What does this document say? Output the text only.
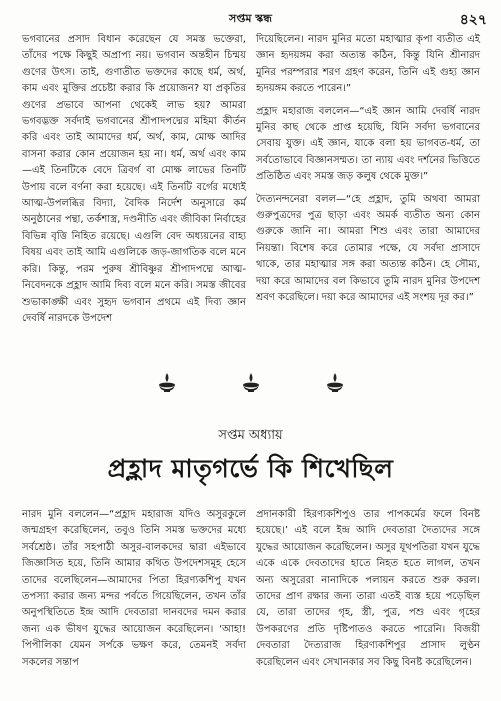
সপ্তম স্কন্ধ	৪২৭

ভগবানের প্রসাদ বিধান করেছেন যে সমস্ত ভক্তেরা, তাঁদের পক্ষে কিছুই অপ্রাপ্য নয়। ভগবান অন্তহীন চিন্ময় গুণের উৎস। তাই, গুণাতীত ভক্তদের কাছে ধর্ম, অর্থ, কাম এবং মুক্তির প্রচেষ্টা করার কি প্রয়োজন? যা প্রকৃতির গুণের প্রভাবে আপনা থেকেই লাভ হয়? আমরা ভগবদ্ভক্ত সর্বদাই ভগবানের শ্রীপাদপদ্মের মহিমা কীর্তন করি এবং তাই আমাদের ধর্ম, অর্থ, কাম, মোক্ষ আদির বাসনা করার কোন প্রয়োজন হয় না। ধর্ম, অর্থ এবং কাম—এই তিনটিকে বেদে ত্রিবর্গ বা মোক্ষ লাভের তিনটি উপায় বলে বর্ণনা করা হয়েছে। এই তিনটি বর্গের মধ্যেই আত্ম-উপলব্ধির বিদ্যা, বৈদিক নির্দেশ অনুসারে কর্ম অনুষ্ঠানের পন্থা, তর্কশাস্ত্র, দণ্ডনীতি এবং জীবিকা নির্বাহের বিভিন্ন বৃত্তি নিহিত রয়েছে। এগুলি বেদ অধ্যয়নের বাহ্য বিষয় এবং তাই আমি এগুলিকে জড়-জাগতিক বলে মনে করি। কিন্তু, পরম পুরুষ শ্রীবিষ্ণুর শ্রীপাদপদ্মে আত্ম-নিবেদনকে প্রহ্লাদ আমি দিব্য বলে মনে করি। সমস্ত জীবের শুভাকাঙ্ক্ষী এবং সুহৃদ ভগবান প্রথমে এই দিব্য জ্ঞান দেবর্ষি নারদকে উপদেশ

দিয়েছিলেন। নারদ মুনির মতো মহাত্মার কৃপা ব্যতীত এই জ্ঞান হৃদয়ঙ্গম করা অত্যন্ত কঠিন, কিন্তু যিনি শ্রীনারদ মুনির পরম্পরার শরণ গ্রহণ করেন, তিনি এই গুহ্য জ্ঞান হৃদয়ঙ্গম করতে পারেন।”

প্রহ্লাদ মহারাজ বললেন—“এই জ্ঞান আমি দেবর্ষি নারদ মুনির কাছ থেকে প্রাপ্ত হয়েছি, যিনি সর্বদা ভগবানের সেবায় যুক্ত। এই জ্ঞান, যাকে বলা হয় ভাগবত-ধর্ম, তা সর্বতোভাবে বিজ্ঞানসম্মত। তা ন্যায় এবং দর্শনের ভিত্তিতে প্রতিষ্ঠিত এবং সমস্ত জড় কলুষ থেকে মুক্ত।”

দৈত্যনন্দনেরা বলল—“হে প্রহ্লাদ, তুমি অথবা আমরা গুরুপুত্রদের পুত্র ছাড়া এবং অমর্ক ব্যতীত অন্য কোন গুরুকে জানি না। আমরা শিশু এবং তারা আমাদের নিয়ন্তা। বিশেষ করে তোমার পক্ষে, যে সর্বদা প্রাসাদে থাকে, তার মহাত্মার সঙ্গ করা অত্যন্ত কঠিন। হে সৌম্য, দয়া করে আমাদের বল কিভাবে তুমি নারদ মুনির উপদেশ শ্রবণ করেছিলে। দয়া করে আমাদের এই সংশয় দূর কর।”

সপ্তম অধ্যায়
প্রহ্লাদ মাতৃগর্ভে কি শিখেছিল

নারদ মুনি বললেন—“প্রহ্লাদ মহারাজ যদিও অসুরকুলে জন্মগ্রহণ করেছিলেন, তবুও তিনি সমস্ত ভক্তদের মধ্যে সর্বশ্রেষ্ঠ। তাঁর সহপাঠী অসুর-বালকদের দ্বারা এইভাবে জিজ্ঞাসিত হয়ে, তিনি আমার কথিত উপদেশসমূহ হেসে তাদের বলেছিলেন—আমাদের পিতা হিরণ্যকশিপু যখন তপস্যা করার জন্য মন্দর পর্বতে গিয়েছিলেন, তখন তাঁর অনুপস্থিতিতে ইন্দ্র আদি দেবতারা দানবদের দমন করার জন্য এক ভীষণ যুদ্ধের আয়োজন করেছিলেন। ‘আহা! পিপীলিকা যেমন সর্পকে ভক্ষণ করে, তেমনই সর্বদা সকলের সন্তাপ

প্রদানকারী হিরণ্যকশিপুও তার পাপকর্মের ফলে বিনষ্ট হয়েছে।’ এই বলে ইন্দ্র আদি দেবতারা দৈত্যদের সঙ্গে যুদ্ধের আয়োজন করেছিলেন। অসুর যূথপতিরা যখন যুদ্ধে একে একে দেবতাদের হাতে নিহত হতে লাগল, তখন অন্য অসুরেরা নানাদিকে পলায়ন করতে শুরু করল। তাদের প্রাণ রক্ষার জন্য তারা এতই ব্যস্ত হয়ে পড়েছিল যে, তারা তাদের গৃহ, স্ত্রী, পুত্র, পশু এবং গৃহের উপকরণের প্রতি দৃষ্টিপাতও করতে পারেনি। বিজয়ী দেবতারা দৈত্যরাজ হিরণ্যকশিপুর প্রাসাদ লুণ্ঠন করেছিলেন এবং সেখানকার সব কিছু বিনষ্ট করেছিলেন।
